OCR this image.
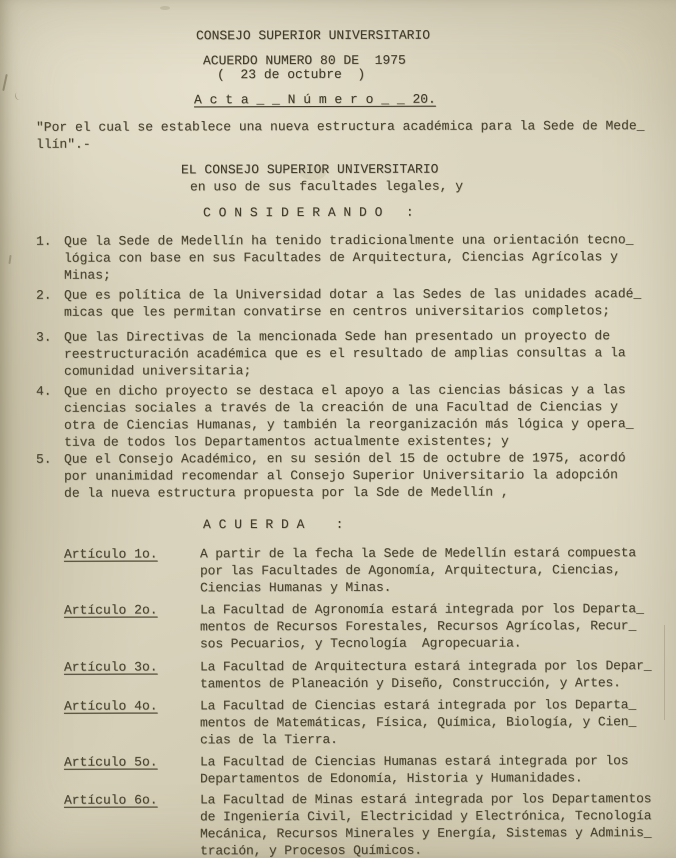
CONSEJO SUPERIOR UNIVERSITARIO
ACUERDO NUMERO 80 DE  1975
(  23 de octubre  )
A c t a _ _ N ú m e r o _ _ 20.
"Por el cual se establece una nueva estructura académica para la Sede de Mede_
llín".-
EL CONSEJO SUPERIOR UNIVERSITARIO
en uso de sus facultades legales, y
C O N S I D E R A N D O   :

1.

Que la Sede de Medellín ha tenido tradicionalmente una orientación tecno_
lógica con base en sus Facultades de Arquitectura, Ciencias Agrícolas y
Minas;

2.

Que es política de la Universidad dotar a las Sedes de las unidades acadé_
micas que les permitan convatirse en centros universitarios completos;

3.

Que las Directivas de la mencionada Sede han presentado un proyecto de
reestructuración académica que es el resultado de amplias consultas a la
comunidad universitaria;

4.

Que en dicho proyecto se destaca el apoyo a las ciencias básicas y a las
ciencias sociales a través de la creación de una Facultad de Ciencias y
otra de Ciencias Humanas, y también la reorganización más lógica y opera_
tiva de todos los Departamentos actualmente existentes; y

5.

Que el Consejo Académico, en su sesión del 15 de octubre de 1975, acordó
por unanimidad recomendar al Consejo Superior Universitario la adopción
de la nueva estructura propuesta por la Sde de Medellín ,

A C U E R D A    :

Artículo 1o.

	A partir de la fecha la Sede de Medellín estará compuesta
por las Facultades de Agonomía, Arquitectura, Ciencias,
Ciencias Humanas y Minas.

Artículo 2o.

	La Facultad de Agronomía estará integrada por los Departa_
mentos de Recursos Forestales, Recursos Agrícolas, Recur_
sos Pecuarios, y Tecnología  Agropecuaria.

Artículo 3o.

	La Facultad de Arquitectura estará integrada por los Depar_
tamentos de Planeación y Diseño, Construcción, y Artes.

Artículo 4o.

	La Facultad de Ciencias estará integrada por los Departa_
mentos de Matemáticas, Física, Química, Biología, y Cien_
cias de la Tierra.

Artículo 5o.

	La Facultad de Ciencias Humanas estará integrada por los
Departamentos de Edonomía, Historia y Humanidades.

Artículo 6o.

	La Facultad de Minas estará integrada por los Departamentos
de Ingeniería Civil, Electricidad y Electrónica, Tecnología
Mecánica, Recursos Minerales y Energía, Sistemas y Adminis_
tración, y Procesos Químicos.
